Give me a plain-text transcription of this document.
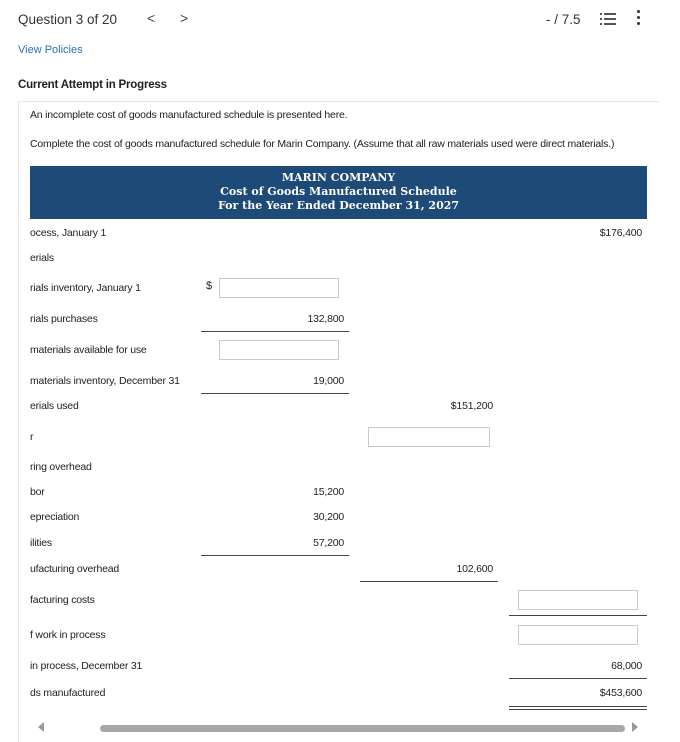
Question 3 of 20 < >	- / 7.5
View Policies
Current Attempt in Progress
An incomplete cost of goods manufactured schedule is presented here.
Complete the cost of goods manufactured schedule for Marin Company. (Assume that all raw materials used were direct materials.)
MARIN COMPANY
Cost of Goods Manufactured Schedule
For the Year Ended December 31, 2027
ocess, January 1	$176,400
erials
rials inventory, January 1	$
rials purchases	132,800
materials available for use
materials inventory, December 31	19,000
erials used	$151,200
r
ring overhead
bor	15,200
epreciation	30,200
ilities	57,200
ufacturing overhead	102,600
facturing costs
f work in process
in process, December 31	68,000
ds manufactured	$453,600
